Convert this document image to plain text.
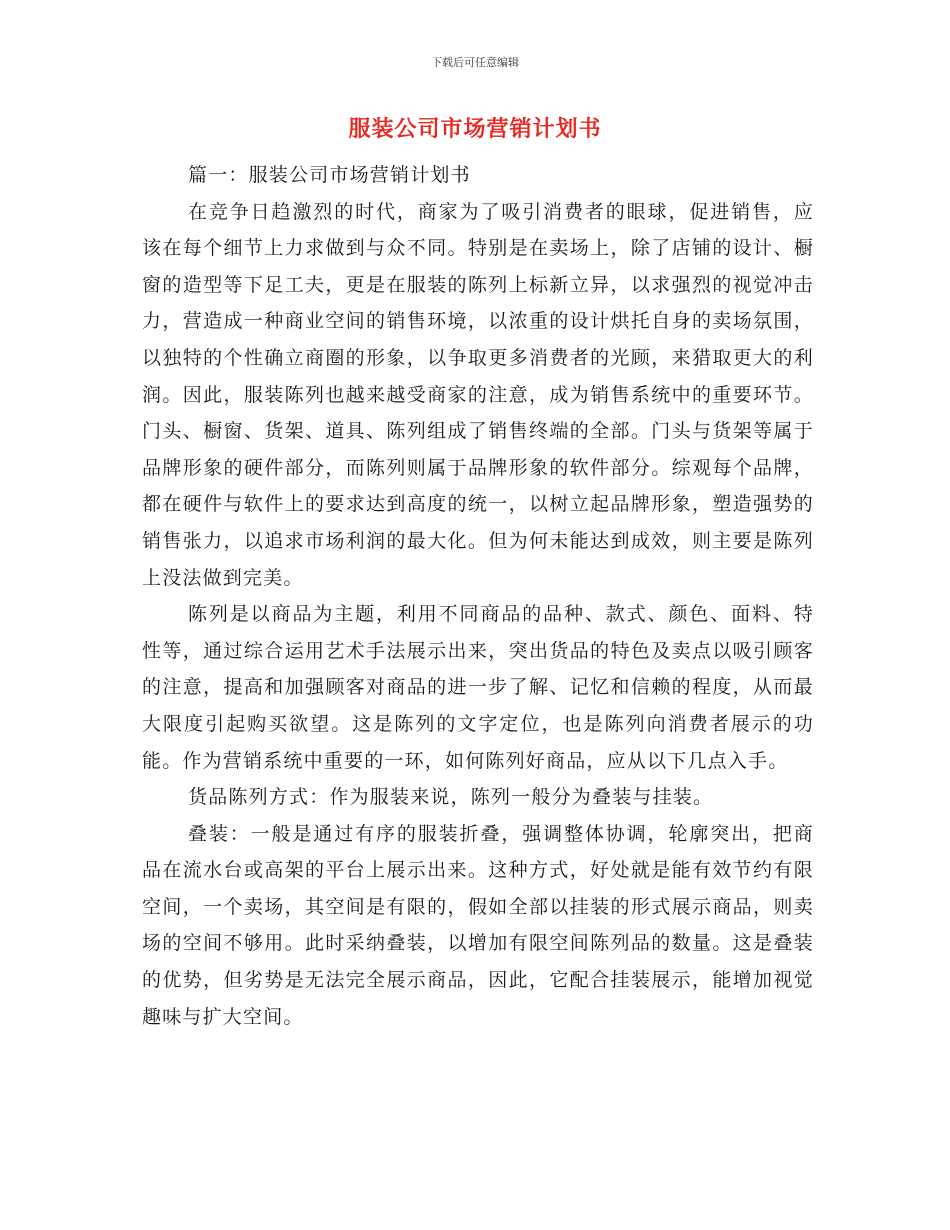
下载后可任意编辑
服装公司市场营销计划书

篇一：服装公司市场营销计划书

在竞争日趋激烈的时代，商家为了吸引消费者的眼球，促进销售，应该在每个细节上力求做到与众不同。特别是在卖场上，除了店铺的设计、橱窗的造型等下足工夫，更是在服装的陈列上标新立异，以求强烈的视觉冲击力，营造成一种商业空间的销售环境，以浓重的设计烘托自身的卖场氛围，以独特的个性确立商圈的形象，以争取更多消费者的光顾，来猎取更大的利润。因此，服装陈列也越来越受商家的注意，成为销售系统中的重要环节。 门头、橱窗、货架、道具、陈列组成了销售终端的全部。门头与货架等属于品牌形象的硬件部分，而陈列则属于品牌形象的软件部分。综观每个品牌，都在硬件与软件上的要求达到高度的统一，以树立起品牌形象，塑造强势的销售张力，以追求市场利润的最大化。但为何未能达到成效，则主要是陈列上没法做到完美。

陈列是以商品为主题，利用不同商品的品种、款式、颜色、面料、特性等，通过综合运用艺术手法展示出来，突出货品的特色及卖点以吸引顾客的注意，提高和加强顾客对商品的进一步了解、记忆和信赖的程度，从而最大限度引起购买欲望。这是陈列的文字定位，也是陈列向消费者展示的功能。作为营销系统中重要的一环，如何陈列好商品，应从以下几点入手。

货品陈列方式：作为服装来说，陈列一般分为叠装与挂装。

叠装：一般是通过有序的服装折叠，强调整体协调，轮廓突出，把商品在流水台或高架的平台上展示出来。这种方式，好处就是能有效节约有限空间，一个卖场，其空间是有限的，假如全部以挂装的形式展示商品，则卖场的空间不够用。此时采纳叠装，以增加有限空间陈列品的数量。这是叠装的优势，但劣势是无法完全展示商品，因此，它配合挂装展示，能增加视觉趣味与扩大空间。
